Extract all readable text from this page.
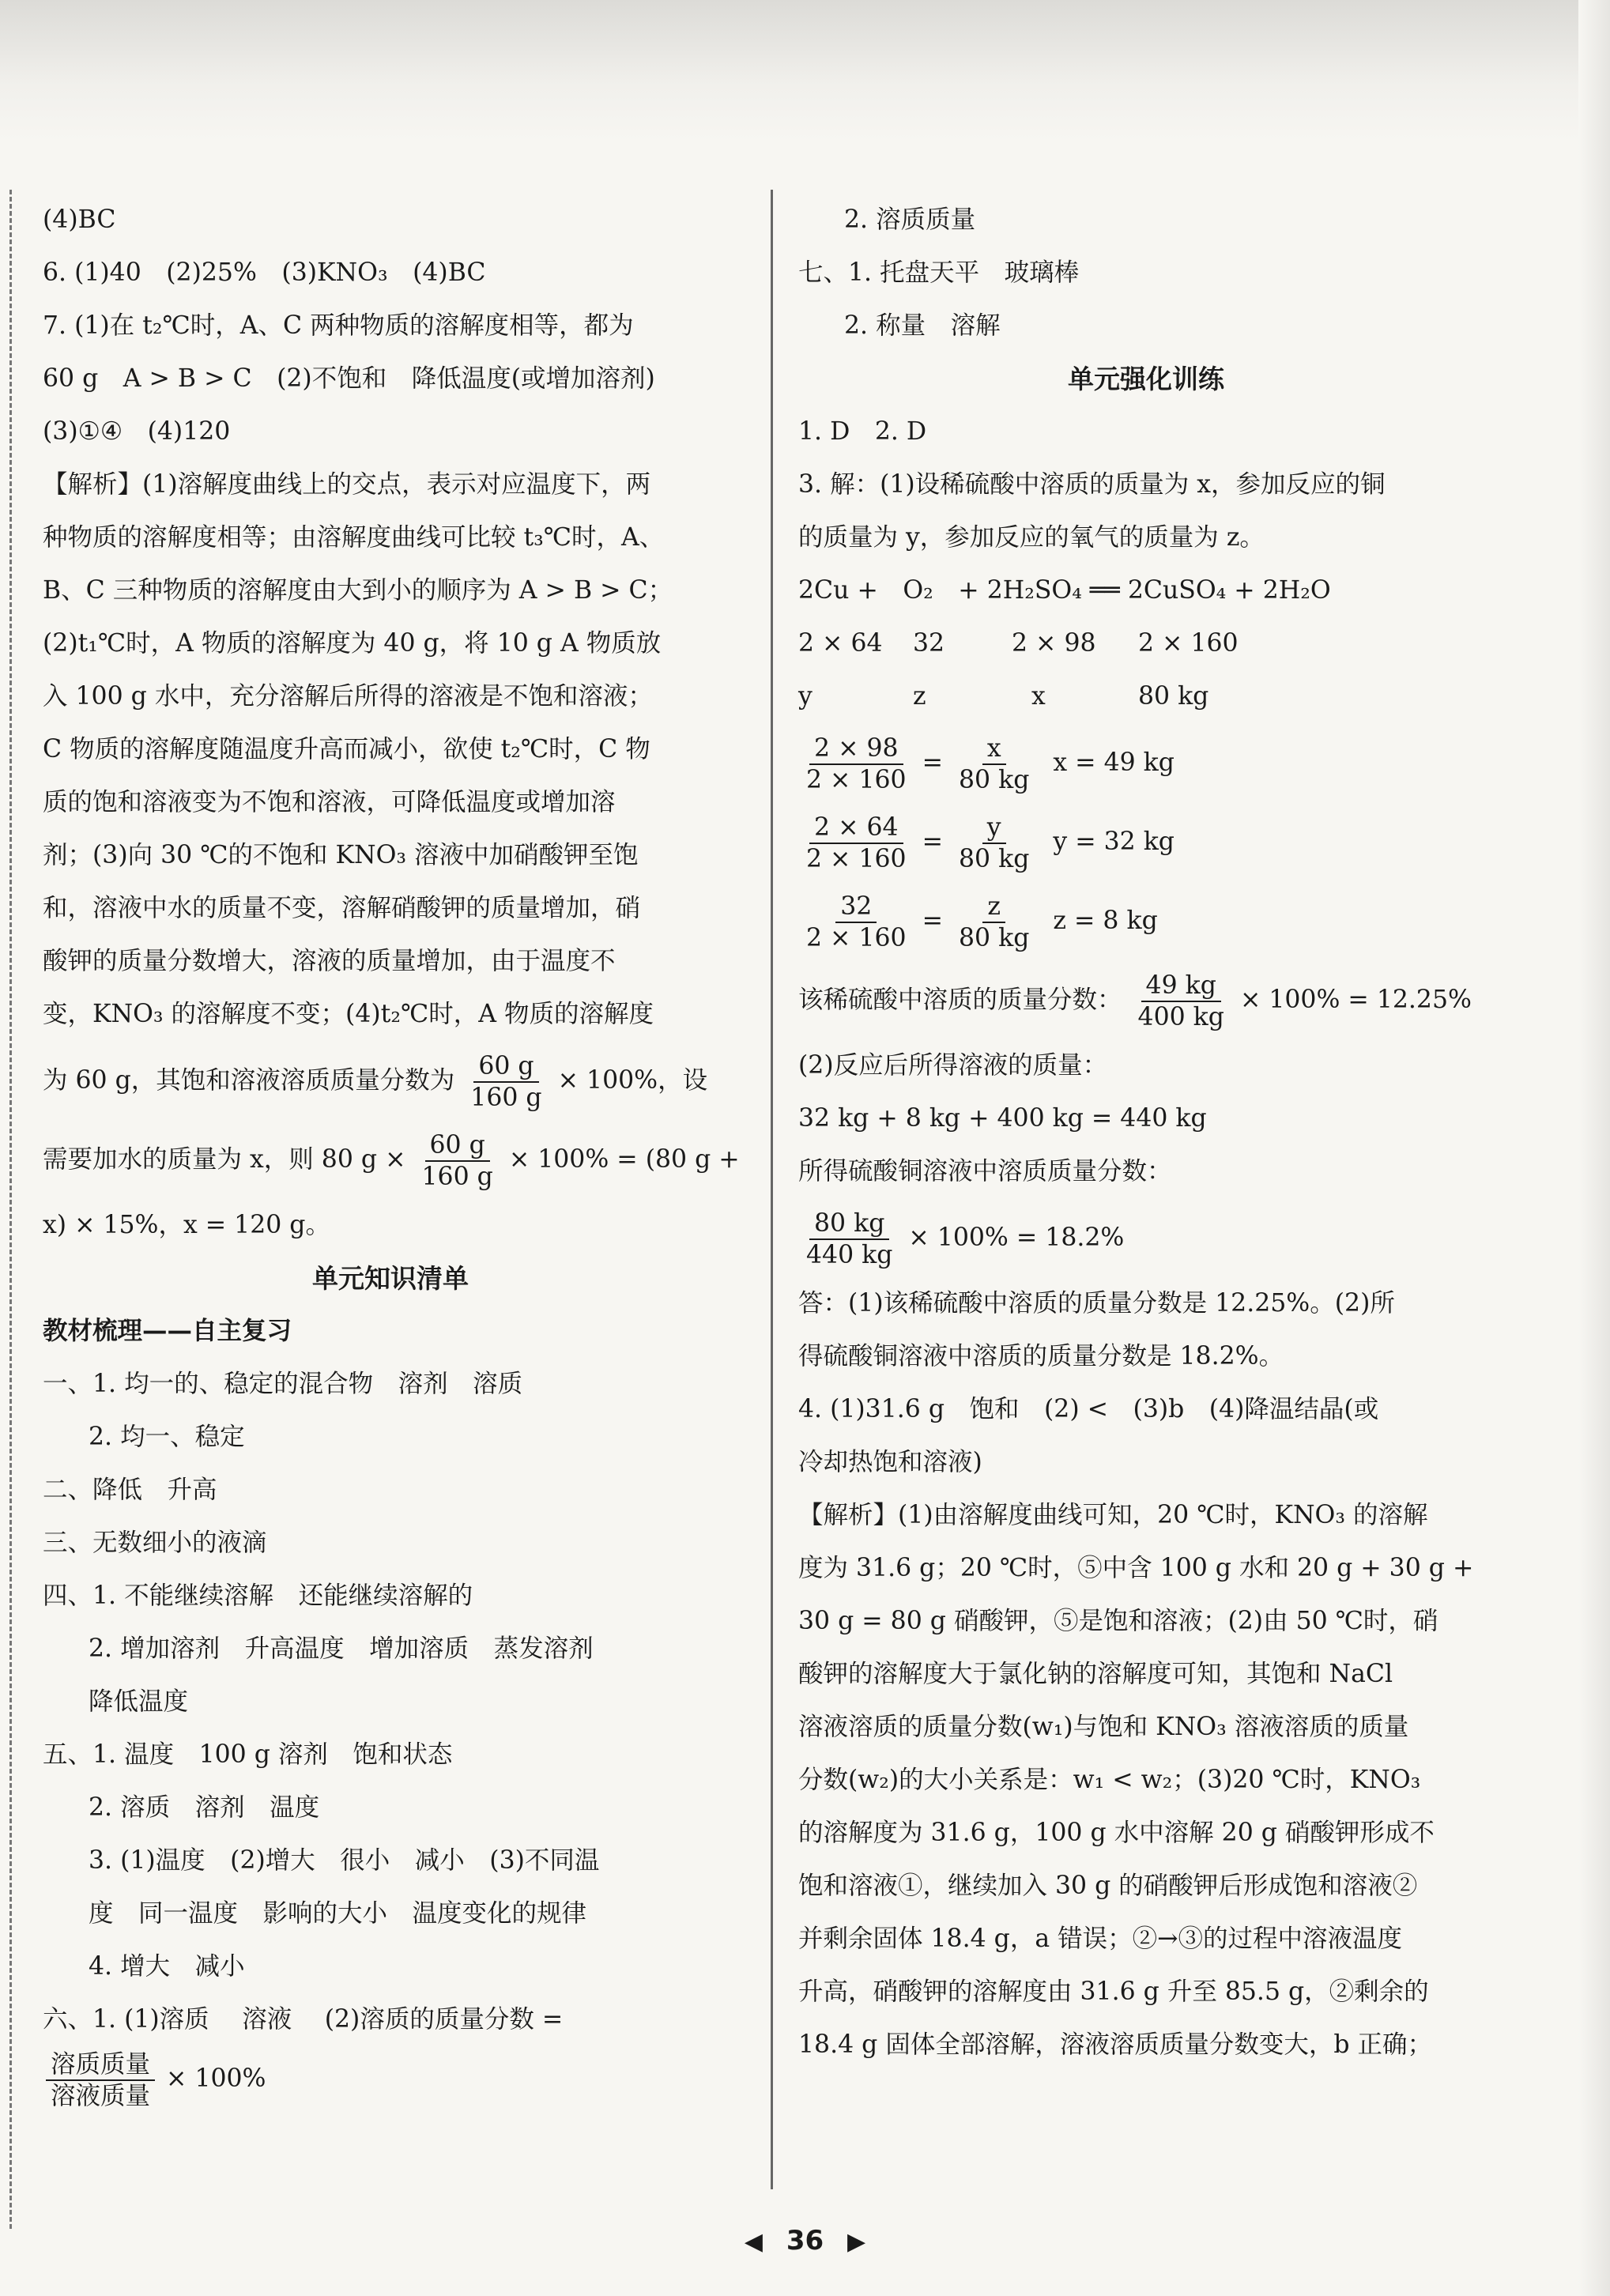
(4)BC
6. (1)40　(2)25%　(3)KNO₃　(4)BC
7. (1)在 t₂℃时，A、C 两种物质的溶解度相等，都为
60 g　A > B > C　(2)不饱和　降低温度(或增加溶剂)
(3)①④　(4)120
【解析】(1)溶解度曲线上的交点，表示对应温度下，两
种物质的溶解度相等；由溶解度曲线可比较 t₃℃时，A、
B、C 三种物质的溶解度由大到小的顺序为 A > B > C；
(2)t₁℃时，A 物质的溶解度为 40 g，将 10 g A 物质放
入 100 g 水中，充分溶解后所得的溶液是不饱和溶液；
C 物质的溶解度随温度升高而减小，欲使 t₂℃时，C 物
质的饱和溶液变为不饱和溶液，可降低温度或增加溶
剂；(3)向 30 ℃的不饱和 KNO₃ 溶液中加硝酸钾至饱
和，溶液中水的质量不变，溶解硝酸钾的质量增加，硝
酸钾的质量分数增大，溶液的质量增加，由于温度不
变，KNO₃ 的溶解度不变；(4)t₂℃时，A 物质的溶解度
为 60 g，其饱和溶液溶质质量分数为 $\frac{60 g}{160 g} \times 100\%$，设
需要加水的质量为 x，则 80 $g \times \frac{60 g}{160 g} \times 100\% = (80$ g +
x) × 15%，x = 120 g。
单元知识清单
教材梳理——自主复习
一、1. 均一的、稳定的混合物　溶剂　溶质
2. 均一、稳定
二、降低　升高
三、无数细小的液滴
四、1. 不能继续溶解　还能继续溶解的
2. 增加溶剂　升高温度　增加溶质　蒸发溶剂
降低温度
五、1. 温度　100 g 溶剂　饱和状态
2. 溶质　溶剂　温度
3. (1)温度　(2)增大　很小　减小　(3)不同温
度　同一温度　影响的大小　温度变化的规律
4. 增大　减小
六、1. (1)溶质　 溶液　 (2)溶质的质量分数 =
$\frac{\text{溶质质量}}{\text{溶液质量}} \times 100\%$
2. 溶质质量
七、1. 托盘天平　玻璃棒
2. 称量　溶解
单元强化训练
1. D　2. D
3. 解：(1)设稀硫酸中溶质的质量为 x，参加反应的铜
的质量为 y，参加反应的氧气的质量为 z。
2Cu +　O₂　+ 2H₂SO₄ ══ 2CuSO₄ + 2H₂O
2 × 64 32	2 × 98 2 × 160
y	z	x	80 kg
$\frac{2 \times 98}{2 \times 160} = \frac{x}{80 kg}$ x = 49 kg
$\frac{2 \times 64}{2 \times 160} = \frac{y}{80 kg}$ y = 32 kg
$\frac{32}{2 \times 160} = \frac{z}{80 kg}$ z = 8 kg
该稀硫酸中溶质的质量分数： $\frac{49 kg}{400 kg} \times 100\% = 12.25\%$
(2)反应后所得溶液的质量：
32 kg + 8 kg + 400 kg = 440 kg
所得硫酸铜溶液中溶质质量分数：
$\frac{80 kg}{440 kg} \times 100\% = 18.2\%$
答：(1)该稀硫酸中溶质的质量分数是 12.25%。(2)所
得硫酸铜溶液中溶质的质量分数是 18.2%。
4. (1)31.6 g　饱和　(2) <　(3)b　(4)降温结晶(或
冷却热饱和溶液)
【解析】(1)由溶解度曲线可知，20 ℃时，KNO₃ 的溶解
度为 31.6 g；20 ℃时，⑤中含 100 g 水和 20 g + 30 g +
30 g = 80 g 硝酸钾，⑤是饱和溶液；(2)由 50 ℃时，硝
酸钾的溶解度大于氯化钠的溶解度可知，其饱和 NaCl
溶液溶质的质量分数(w₁)与饱和 KNO₃ 溶液溶质的质量
分数(w₂)的大小关系是：w₁ < w₂；(3)20 ℃时，KNO₃
的溶解度为 31.6 g，100 g 水中溶解 20 g 硝酸钾形成不
饱和溶液①，继续加入 30 g 的硝酸钾后形成饱和溶液②
并剩余固体 18.4 g，a 错误；②→③的过程中溶液温度
升高，硝酸钾的溶解度由 31.6 g 升至 85.5 g，②剩余的
18.4 g 固体全部溶解，溶液溶质质量分数变大，b 正确；
◀ 36 ▶
